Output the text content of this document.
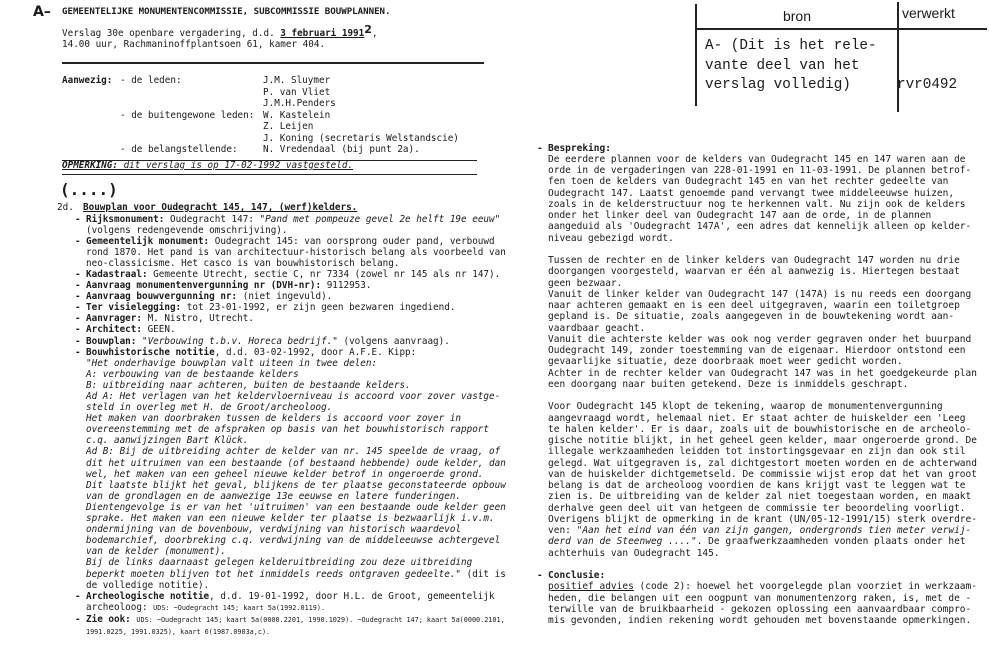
A– GEMEENTELIJKE MONUMENTENCOMMISSIE, SUBCOMMISSIE BOUWPLANNEN.
Verslag 30e openbare vergadering, d.d. 3 februari 19912,
14.00 uur, Rachmaninoffplantsoen 61, kamer 404.
Aanwezig: - de leden:	J.M. Sluymer
P. van Vliet
J.M.H.Penders
- de buitengewone leden: W. Kastelein
Z. Leijen
J. Koning (secretaris Welstandscie)
- de belangstellende:	N. Vredendaal (bij punt 2a).
OPMERKING: dit verslag is op 17-02-1992 vastgesteld.
(....)
2d. Bouwplan voor Oudegracht 145, 147, (werf)kelders.
- Rijksmonument: Oudegracht 147: "Pand met pompeuze gevel 2e helft 19e eeuw"
(volgens redengevende omschrijving).
- Gemeentelijk monument: Oudegracht 145: van oorsprong ouder pand, verbouwd
rond 1870. Het pand is van architectuur-historisch belang als voorbeeld van
neo-classicisme. Het casco is van bouwhistorisch belang.
- Kadastraal: Gemeente Utrecht, sectie C, nr 7334 (zowel nr 145 als nr 147).
- Aanvraag monumentenvergunning nr (DVH-nr): 9112953.
- Aanvraag bouwvergunning nr: (niet ingevuld).
- Ter visielegging: tot 23-01-1992, er zijn geen bezwaren ingediend.
- Aanvrager: M. Nistro, Utrecht.
- Architect: GEEN.
- Bouwplan: "Verbouwing t.b.v. Horeca bedrijf." (volgens aanvraag).
- Bouwhistorische notitie, d.d. 03-02-1992, door A.F.E. Kipp:
"Het onderhavige bouwplan valt uiteen in twee delen:
A: verbouwing van de bestaande kelders
B: uitbreiding naar achteren, buiten de bestaande kelders.
Ad A: Het verlagen van het keldervloerniveau is accoord voor zover vastge-
steld in overleg met H. de Groot/archeoloog.
Het maken van doorbraken tussen de kelders is accoord voor zover in
overeenstemming met de afspraken op basis van het bouwhistorisch rapport
c.q. aanwijzingen Bart Klück.
Ad B: Bij de uitbreiding achter de kelder van nr. 145 speelde de vraag, of
dit het uitruimen van een bestaande (of bestaand hebbende) oude kelder, dan
wel, het maken van een geheel nieuwe kelder betrof in ongeroerde grond.
Dit laatste blijkt het geval, blijkens de ter plaatse geconstateerde opbouw
van de grondlagen en de aanwezige 13e eeuwse en latere funderingen.
Dientengevolge is er van het 'uitruimen' van een bestaande oude kelder geen
sprake. Het maken van een nieuwe kelder ter plaatse is bezwaarlijk i.v.m.
ondermijning van de bovenbouw, verdwijning van historisch waardevol
bodemarchief, doorbreking c.q. verdwijning van de middeleeuwse achtergevel
van de kelder (monument).
Bij de links daarnaast gelegen kelderuitbreiding zou deze uitbreiding
beperkt moeten blijven tot het inmiddels reeds ontgraven gedeelte." (dit is
de volledige notitie).
- Archeologische notitie, d.d. 19-01-1992, door H.L. de Groot, gemeentelijk
archeoloog: UDS: ~Oudegracht 145; kaart 5a(1992.0119).
- Zie ook: UDS: ~Oudegracht 145; kaart 5a(0000.2201, 1990.1029). ~Oudegracht 147; kaart 5a(0000.2101,
1991.0225, 1991.0325), kaart 6(1987.0903a,c).
bron	verwerkt
A- (Dit is het rele-
vante deel van het
verslag volledig)	rvr0492
- Bespreking:
De eerdere plannen voor de kelders van Oudegracht 145 en 147 waren aan de
orde in de vergaderingen van 228-01-1991 en 11-03-1991. De plannen betrof-
fen toen de kelders van Oudegracht 145 en van het rechter gedeelte van
Oudegracht 147. Laatst genoemde pand vervangt twee middeleeuwse huizen,
zoals in de kelderstructuur nog te herkennen valt. Nu zijn ook de kelders
onder het linker deel van Oudegracht 147 aan de orde, in de plannen
aangeduid als 'Oudegracht 147A', een adres dat kennelijk alleen op kelder-
niveau gebezigd wordt.
Tussen de rechter en de linker kelders van Oudegracht 147 worden nu drie
doorgangen voorgesteld, waarvan er één al aanwezig is. Hiertegen bestaat
geen bezwaar.
Vanuit de linker kelder van Oudegracht 147 (147A) is nu reeds een doorgang
naar achteren gemaakt en is een deel uitgegraven, waarin een toiletgroep
gepland is. De situatie, zoals aangegeven in de bouwtekening wordt aan-
vaardbaar geacht.
Vanuit die achterste kelder was ook nog verder gegraven onder het buurpand
Oudegracht 149, zonder toestemming van de eigenaar. Hierdoor ontstond een
gevaarlijke situatie, deze doorbraak moet weer gedicht worden.
Achter in de rechter kelder van Oudegracht 147 was in het goedgekeurde plan
een doorgang naar buiten getekend. Deze is inmiddels geschrapt.
Voor Oudegracht 145 klopt de tekening, waarop de monumentenvergunning
aangevraagd wordt, helemaal niet. Er staat achter de huiskelder een 'Leeg
te halen kelder'. Er is daar, zoals uit de bouwhistorische en de archeolo-
gische notitie blijkt, in het geheel geen kelder, maar ongeroerde grond. De
illegale werkzaamheden leidden tot instortingsgevaar en zijn dan ook stil
gelegd. Wat uitgegraven is, zal dichtgestort moeten worden en de achterwand
van de huiskelder dichtgemetseld. De commissie wijst erop dat het van groot
belang is dat de archeoloog voordien de kans krijgt vast te leggen wat te
zien is. De uitbreiding van de kelder zal niet toegestaan worden, en maakt
derhalve geen deel uit van hetgeen de commissie ter beoordeling voorligt.
Overigens blijkt de opmerking in de krant (UN/05-12-1991/15) sterk overdre-
ven: "Aan het eind van één van zijn gangen, ondergronds tien meter verwij-
derd van de Steenweg ....". De graafwerkzaamheden vonden plaats onder het
achterhuis van Oudegracht 145.
- Conclusie:
positief advies (code 2): hoewel het voorgelegde plan voorziet in werkzaam-
heden, die belangen uit een oogpunt van monumentenzorg raken, is, met de -
terwille van de bruikbaarheid - gekozen oplossing een aanvaardbaar compro-
mis gevonden, indien rekening wordt gehouden met bovenstaande opmerkingen.
